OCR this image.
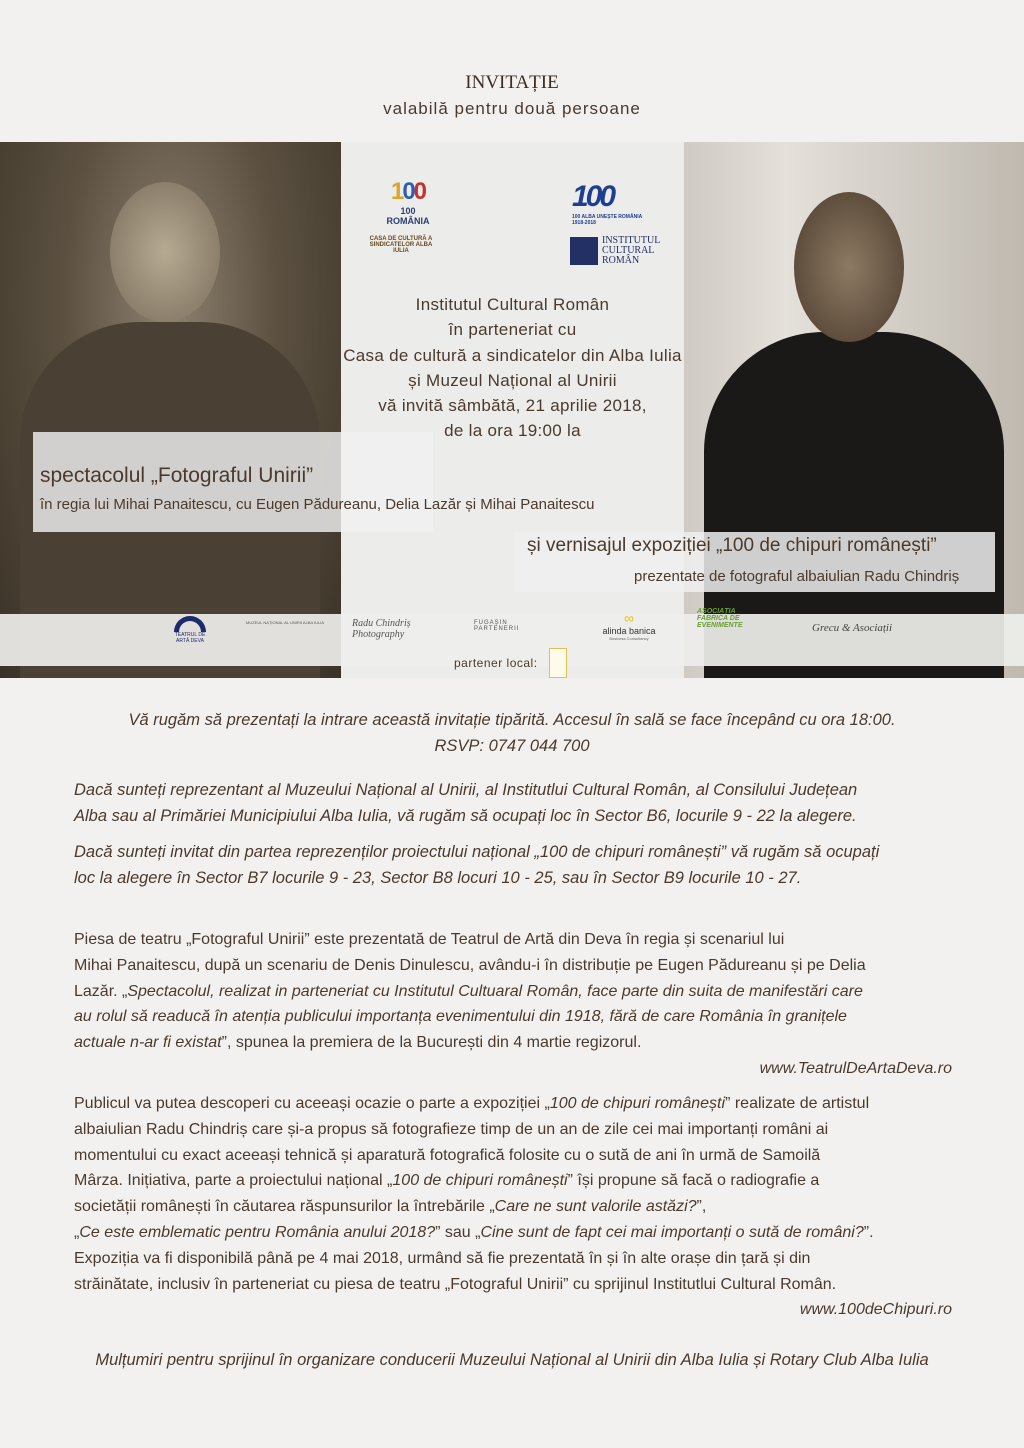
INVITAȚIE
valabilă pentru două persoane
100
100 ROMÂNIA
CASA DE CULTURĂ A SINDICATELOR ALBA IULIA
100
100 ALBA UNEȘTE ROMÂNIA 1918-2018
INSTITUTUL CULTURAL ROMÂN
Institutul Cultural Român
în parteneriat cu
Casa de cultură a sindicatelor din Alba Iulia
și Muzeul Național al Unirii
vă invită sâmbătă, 21 aprilie 2018,
de la ora 19:00 la
spectacolul „Fotograful Unirii”
în regia lui Mihai Panaitescu, cu Eugen Pădureanu, Delia Lazăr și Mihai Panaitescu
și vernisajul expoziției „100 de chipuri românești”
prezentate de fotograful albaiulian Radu Chindriș
TEATRUL DE ARTĂ DEVA
MUZEUL NAȚIONAL AL UNIRII ALBA IULIA	Radu Chindriș Photography
FUGAȘIN PARTENERII
∞
alinda banica
Business Consultancy
ASOCIAȚIA FABRICA DE EVENIMENTE	Grecu & Asociații
partener local:
Vă rugăm să prezentați la intrare această invitație tipărită. Accesul în sală se face începând cu ora 18:00.
RSVP: 0747 044 700
Dacă sunteți reprezentant al Muzeului Național al Unirii, al Institutlui Cultural Român, al Consilului Județean
Alba sau al Primăriei Municipiului Alba Iulia, vă rugăm să ocupați loc în Sector B6, locurile 9 - 22 la alegere.
Dacă sunteți invitat din partea reprezenților proiectului național „100 de chipuri românești” vă rugăm să ocupați
loc la alegere în Sector B7 locurile 9 - 23, Sector B8 locuri 10 - 25, sau în Sector B9 locurile 10 - 27.
Piesa de teatru „Fotograful Unirii” este prezentată de Teatrul de Artă din Deva în regia și scenariul lui
Mihai Panaitescu, după un scenariu de Denis Dinulescu, avându-i în distribuție pe Eugen Pădureanu și pe Delia
Lazăr. „Spectacolul, realizat in parteneriat cu Institutul Cultuaral Român, face parte din suita de manifestări care
au rolul să readucă în atenția publicului importanța evenimentului din 1918, fără de care România în granițele
actuale n-ar fi existat”, spunea la premiera de la București din 4 martie regizorul.
www.TeatrulDeArtaDeva.ro
Publicul va putea descoperi cu aceeași ocazie o parte a expoziției „100 de chipuri românești” realizate de artistul
albaiulian Radu Chindriș care și-a propus să fotografieze timp de un an de zile cei mai importanți români ai
momentului cu exact aceeași tehnică și aparatură fotografică folosite cu o sută de ani în urmă de Samoilă
Mârza. Inițiativa, parte a proiectului național „100 de chipuri românești” își propune să facă o radiografie a
societății românești în căutarea răspunsurilor la întrebările „Care ne sunt valorile astăzi?”,
„Ce este emblematic pentru România anului 2018?” sau „Cine sunt de fapt cei mai importanți o sută de români?”.
Expoziția va fi disponibilă până pe 4 mai 2018, urmând să fie prezentată în și în alte orașe din țară și din
străinătate, inclusiv în parteneriat cu piesa de teatru „Fotograful Unirii” cu sprijinul Institutlui Cultural Român.
www.100deChipuri.ro
Mulțumiri pentru sprijinul în organizare conducerii Muzeului Național al Unirii din Alba Iulia și Rotary Club Alba Iulia
